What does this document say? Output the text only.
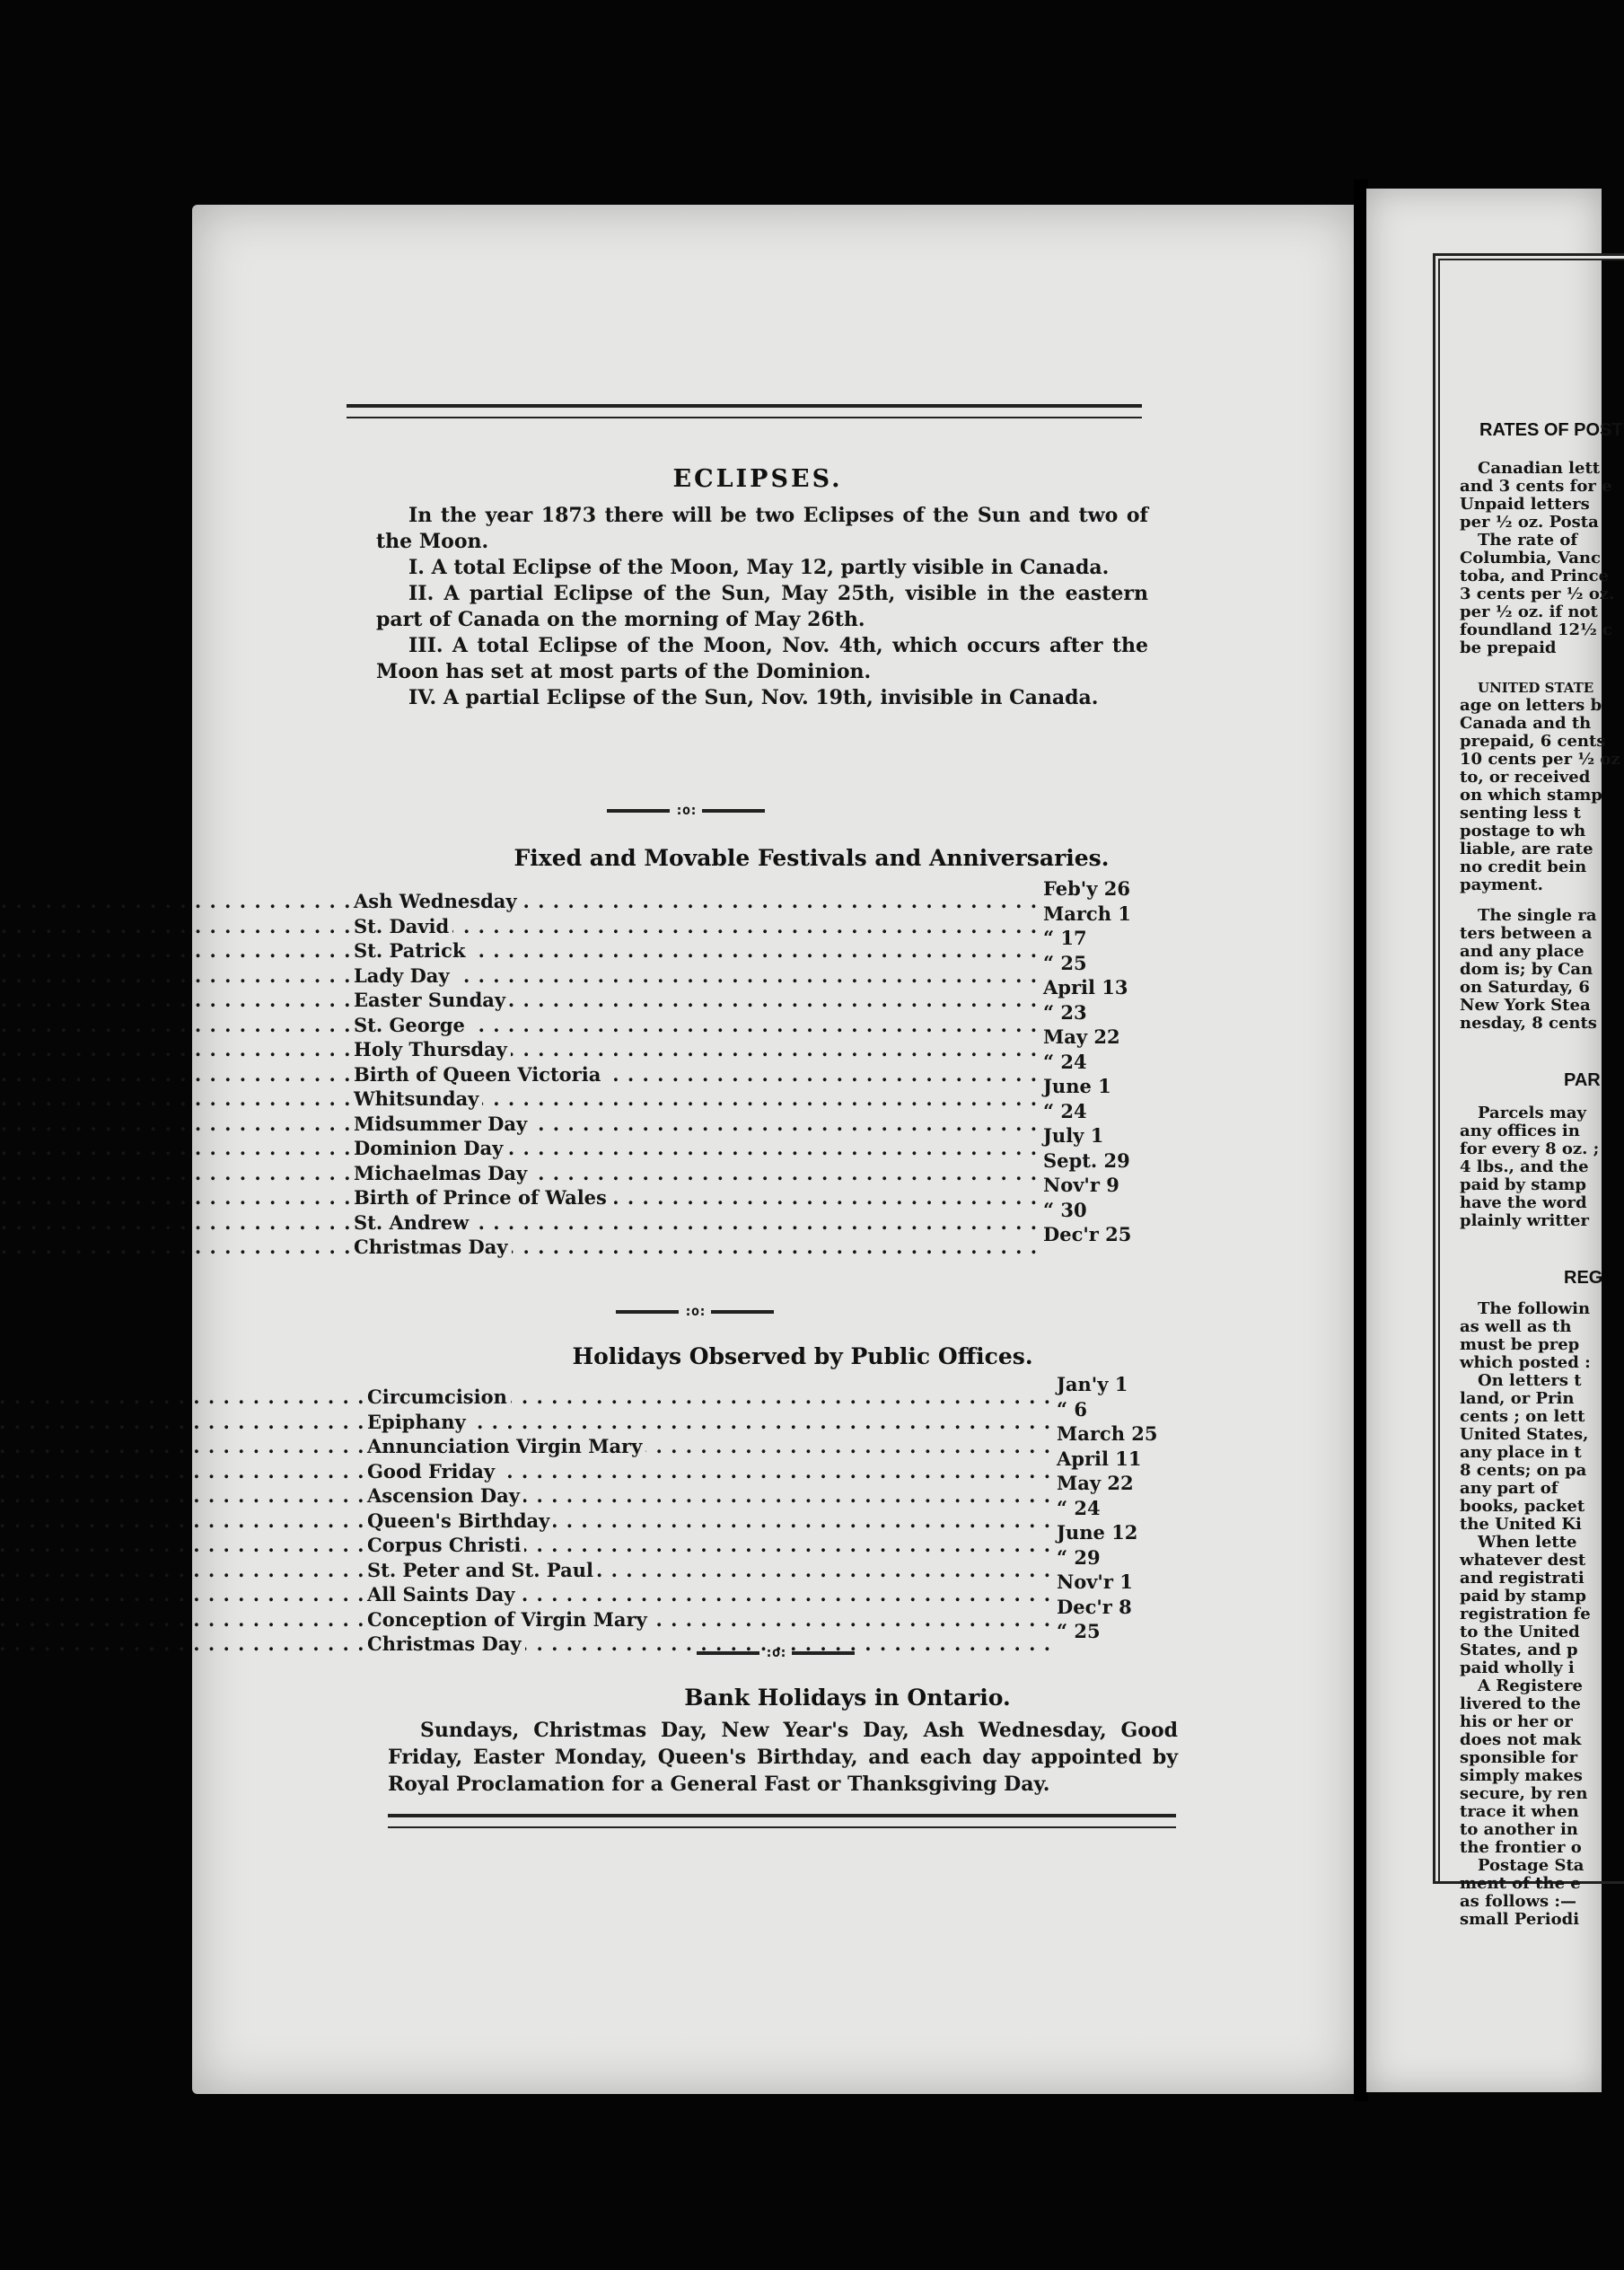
ECLIPSES.

In the year 1873 there will be two Eclipses of the Sun and two of the Moon.

I. A total Eclipse of the Moon, May 12, partly visible in Canada.

II. A partial Eclipse of the Sun, May 25th, visible in the eastern part of Canada on the morning of May 26th.

III. A total Eclipse of the Moon, Nov. 4th, which occurs after the Moon has set at most parts of the Dominion.

IV. A partial Eclipse of the Sun, Nov. 19th, invisible in Canada.

:o:
Fixed and Movable Festivals and Anniversaries.
. . .
Ash Wednesday
Feb'y 26
. . .
St. David
March 1
. . .
St. Patrick
“ 17
. . .
Lady Day
“ 25
. . .
Easter Sunday
April 13
. . .
St. George
“ 23
. . .
Holy Thursday
May 22
. . .
Birth of Queen Victoria
“ 24
. . .
Whitsunday
June 1
. . .
Midsummer Day
“ 24
. . .
Dominion Day
July 1
. . .
Michaelmas Day
Sept. 29
. . .
Birth of Prince of Wales
Nov'r 9
. . .
St. Andrew
“ 30
. . .
Christmas Day
Dec'r 25
:o:
Holidays Observed by Public Offices.
. . .
Circumcision
Jan'y 1
. . .
Epiphany
“ 6
. . .
Annunciation Virgin Mary
March 25
. . .
Good Friday
April 11
. . .
Ascension Day
May 22
. . .
Queen's Birthday
“ 24
. . .
Corpus Christi
June 12
. . .
St. Peter and St. Paul
“ 29
. . .
All Saints Day
Nov'r 1
. . .
Conception of Virgin Mary
Dec'r 8
. . .
Christmas Day
“ 25
:o:
Bank Holidays in Ontario.
Sundays, Christmas Day, New Year's Day, Ash Wednesday, Good Friday, Easter Monday, Queen's Birthday, and each day appointed by Royal Proclamation for a General Fast or Thanksgiving Day.
RATES OF POST
Canadian lett
and 3 cents for e
Unpaid letters
per ½ oz. Posta
The rate of
Columbia, Vanc
toba, and Prince
3 cents per ½ oz.
per ½ oz. if not
foundland 12½ c
be prepaid
UNITED STATE
age on letters b
Canada and th
prepaid, 6 cents
10 cents per ½ oz
to, or received
on which stamp
senting less t
postage to wh
liable, are rate
no credit bein
payment.
The single ra
ters between a
and any place
dom is; by Can
on Saturday, 6
New York Stea
nesday, 8 cents
PAR
Parcels may
any offices in
for every 8 oz. ;
4 lbs., and the
paid by stamp
have the word
plainly writter
REG
The followin
as well as th
must be prep
which posted :
On letters t
land, or Prin
cents ; on lett
United States,
any place in t
8 cents; on pa
any part of
books, packet
the United Ki
When lette
whatever dest
and registrati
paid by stamp
registration fe
to the United
States, and p
paid wholly i
A Registere
livered to the
his or her or
does not mak
sponsible for
simply makes
secure, by ren
trace it when
to another in
the frontier o
Postage Sta
ment of the e
as follows :—
small Periodi
